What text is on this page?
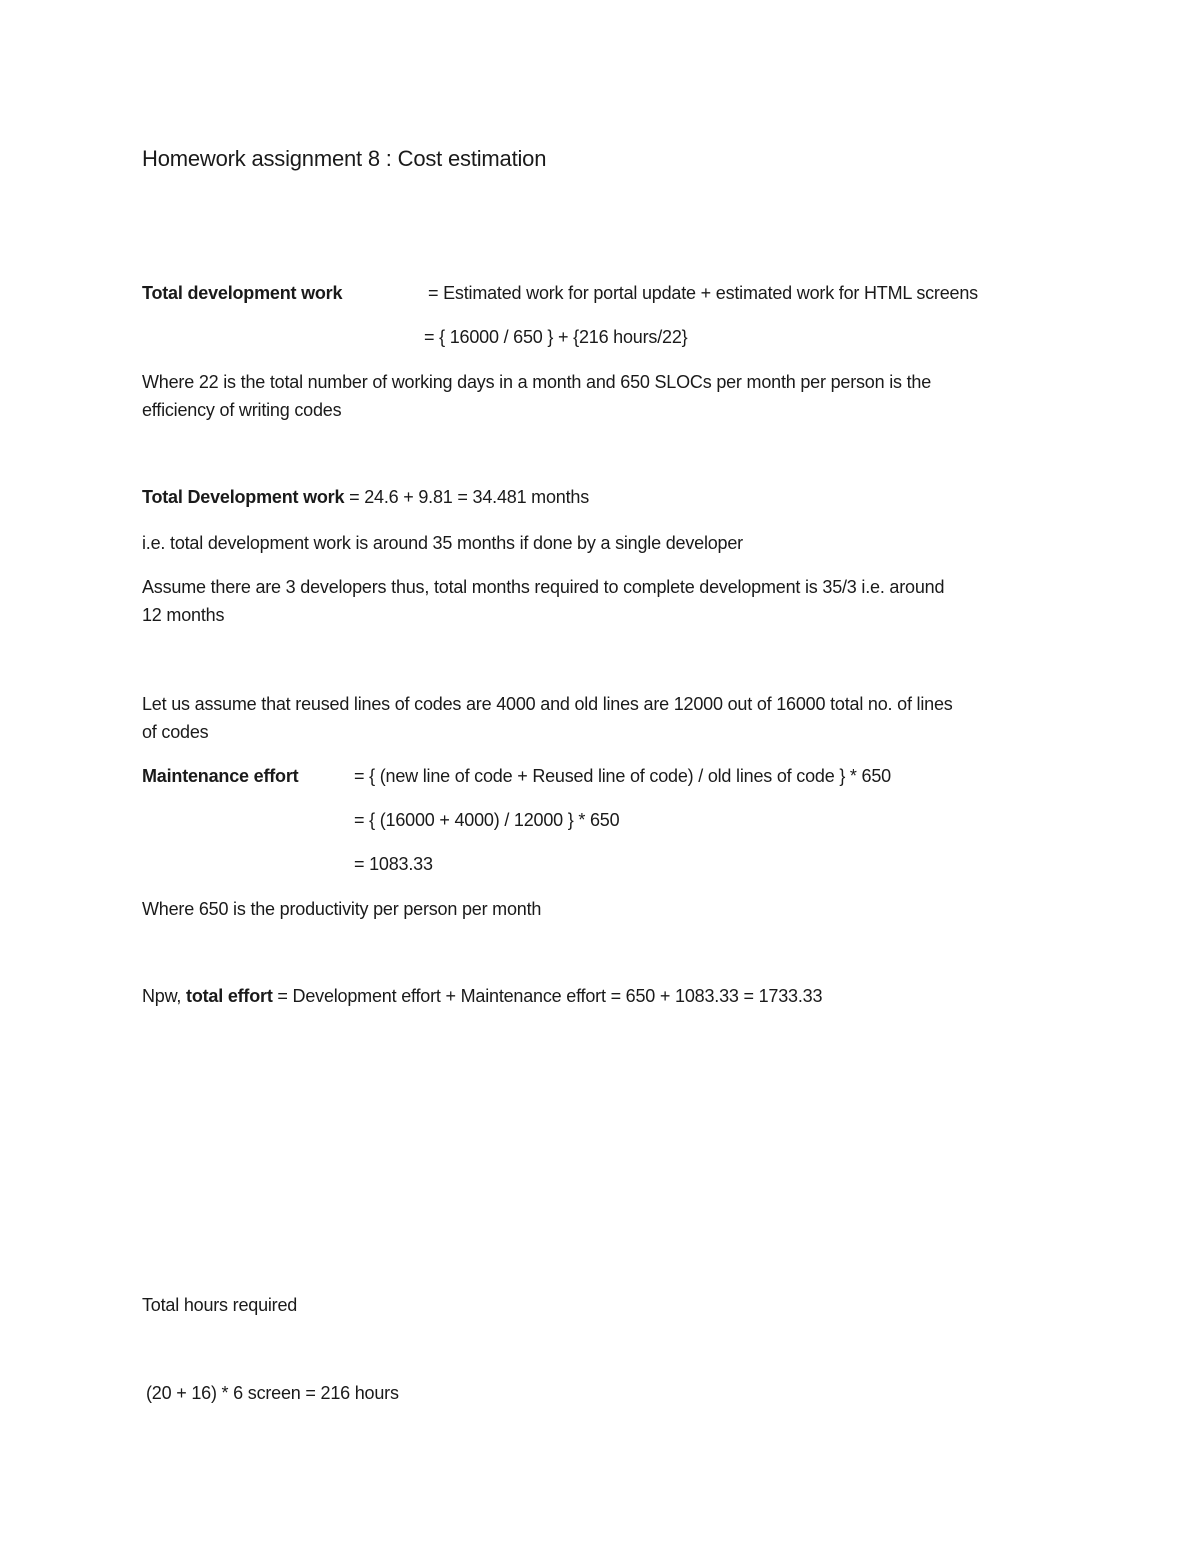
Homework assignment 8 : Cost estimation
Total development work	= Estimated work for portal update + estimated work for HTML screens
= { 16000 / 650 } + {216 hours/22}
Where 22 is the total number of working days in a month and 650 SLOCs per month per person is the
efficiency of writing codes
Total Development work = 24.6 + 9.81 = 34.481 months
i.e. total development work is around 35 months if done by a single developer
Assume there are 3 developers thus, total months required to complete development is 35/3 i.e. around
12 months
Let us assume that reused lines of codes are 4000 and old lines are 12000 out of 16000 total no. of lines
of codes
Maintenance effort	= { (new line of code + Reused line of code) / old lines of code } * 650
= { (16000 + 4000) / 12000 } * 650
= 1083.33
Where 650 is the productivity per person per month
Npw, total effort = Development effort + Maintenance effort = 650 + 1083.33 = 1733.33
Total hours required
(20 + 16) * 6 screen = 216 hours
